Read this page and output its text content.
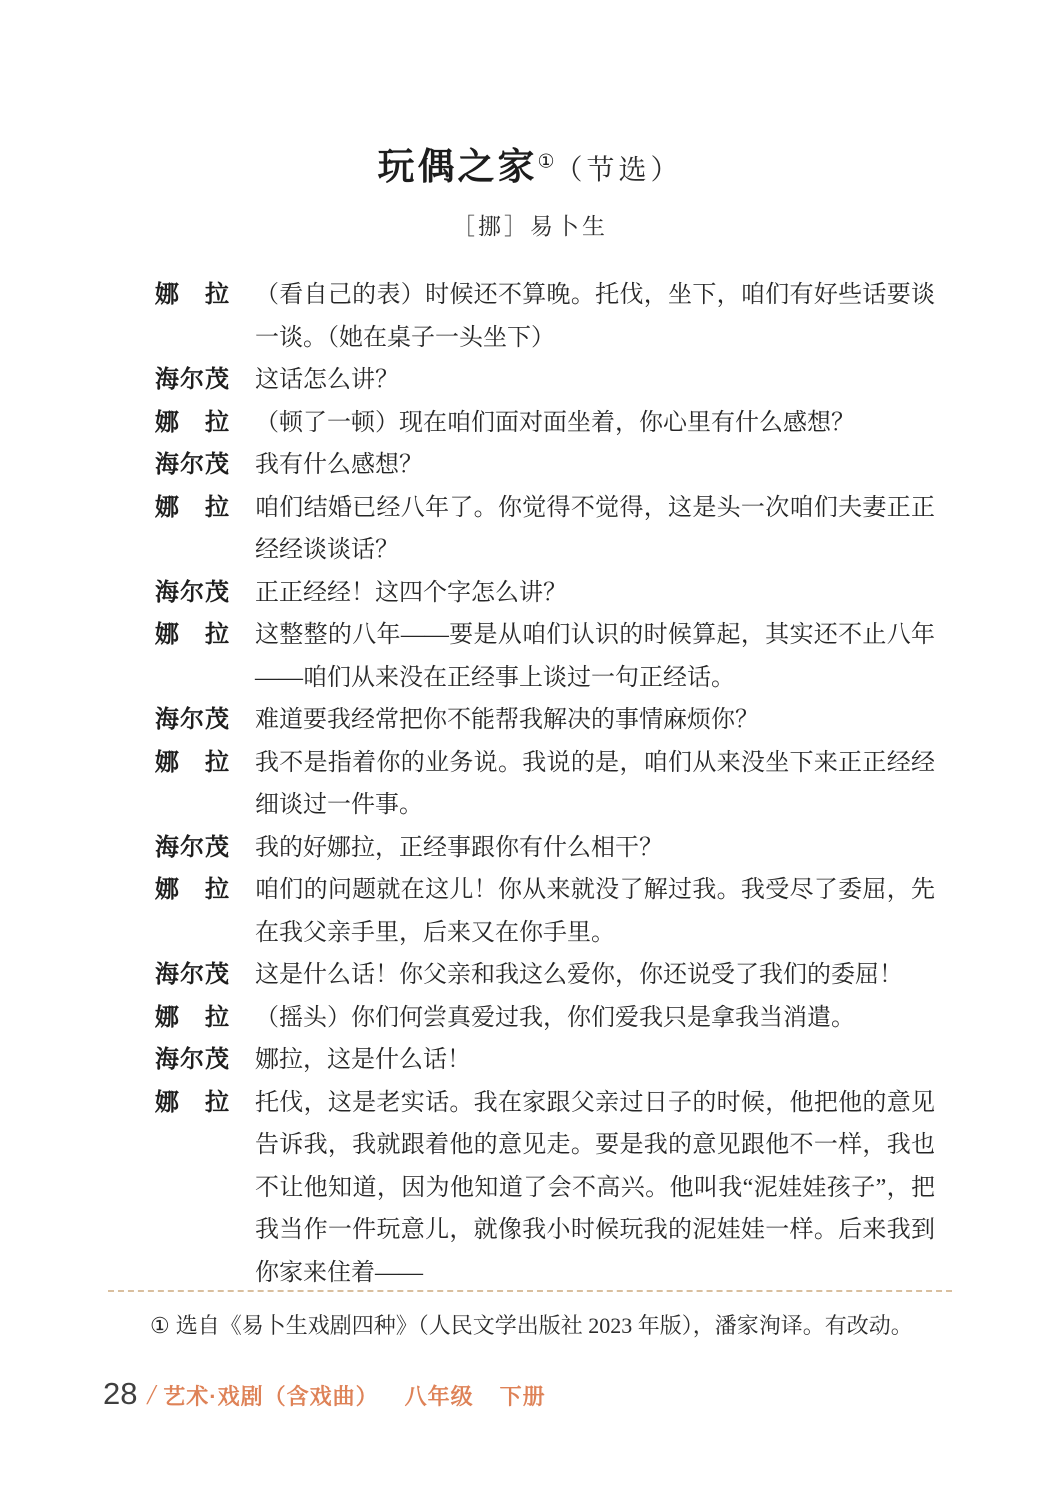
玩偶之家①（节选）
［挪］易卜生
娜拉 （看自己的表）时候还不算晚。托伐，坐下，咱们有好些话要谈一谈。（她在桌子一头坐下）
海尔茂 这话怎么讲？
娜拉 （顿了一顿）现在咱们面对面坐着，你心里有什么感想？
海尔茂 我有什么感想？
娜拉 咱们结婚已经八年了。你觉得不觉得，这是头一次咱们夫妻正正经经谈谈话？
海尔茂 正正经经！这四个字怎么讲？
娜拉 这整整的八年——要是从咱们认识的时候算起，其实还不止八年——咱们从来没在正经事上谈过一句正经话。
海尔茂 难道要我经常把你不能帮我解决的事情麻烦你？
娜拉 我不是指着你的业务说。我说的是，咱们从来没坐下来正正经经细谈过一件事。
海尔茂 我的好娜拉，正经事跟你有什么相干？
娜拉 咱们的问题就在这儿！你从来就没了解过我。我受尽了委屈，先在我父亲手里，后来又在你手里。
海尔茂 这是什么话！你父亲和我这么爱你，你还说受了我们的委屈！
娜拉 （摇头）你们何尝真爱过我，你们爱我只是拿我当消遣。
海尔茂 娜拉，这是什么话！
娜拉 托伐，这是老实话。我在家跟父亲过日子的时候，他把他的意见告诉我，我就跟着他的意见走。要是我的意见跟他不一样，我也不让他知道，因为他知道了会不高兴。他叫我“泥娃娃孩子”，把我当作一件玩意儿，就像我小时候玩我的泥娃娃一样。后来我到你家来住着——
① 选自《易卜生戏剧四种》（人民文学出版社 2023 年版），潘家洵译。有改动。
28 / 艺术·戏剧（含戏曲） 八年级 下册
